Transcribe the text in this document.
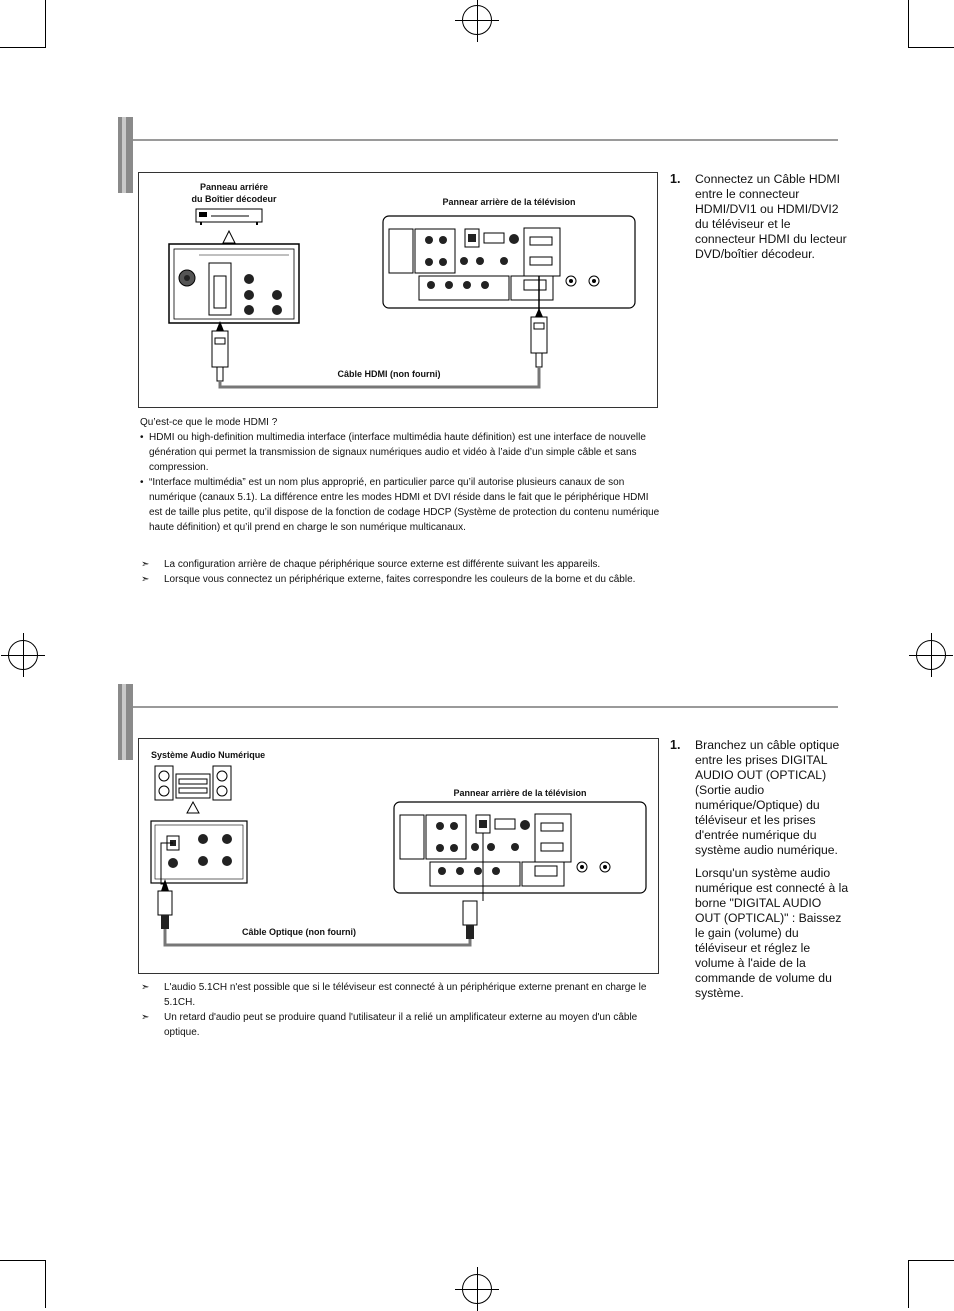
Panneau arriére
du Boîtier décodeur	Pannear arrière de la télévision
Câble HDMI (non fourni)
1. Connectez un Câble HDMI entre le connecteur HDMI/DVI1 ou HDMI/DVI2 du téléviseur et le connecteur HDMI du lecteur DVD/boîtier décodeur.
Qu’est-ce que le mode HDMI ?
• HDMI ou high-definition multimedia interface (interface multimédia haute définition) est une interface de nouvelle génération qui permet la transmission de signaux numériques audio et vidéo à l’aide d’un simple câble et sans compression.
• “Interface multimédia” est un nom plus approprié, en particulier parce qu’il autorise plusieurs canaux de son numérique (canaux 5.1). La différence entre les modes HDMI et DVI réside dans le fait que le périphérique HDMI est de taille plus petite, qu’il dispose de la fonction de codage HDCP (Système de protection du contenu numérique haute définition) et qu’il prend en charge le son numérique multicanaux.
➣ La configuration arrière de chaque périphérique source externe est différente suivant les appareils.
➣ Lorsque vous connectez un périphérique externe, faites correspondre les couleurs de la borne et du câble.
Système Audio Numérique
Pannear arrière de la télévision
Câble Optique (non fourni)
1. Branchez un câble optique entre les prises DIGITAL AUDIO OUT (OPTICAL) (Sortie audio numérique/Optique) du téléviseur et les prises d'entrée numérique du système audio numérique.

Lorsqu'un système audio numérique est connecté à la borne "DIGITAL AUDIO OUT (OPTICAL)" : Baissez le gain (volume) du téléviseur et réglez le volume à l'aide de la commande de volume du système.

➣ L'audio 5.1CH n'est possible que si le téléviseur est connecté à un périphérique externe prenant en charge le 5.1CH.
➣ Un retard d'audio peut se produire quand l'utilisateur il a relié un amplificateur externe au moyen d'un câble optique.
